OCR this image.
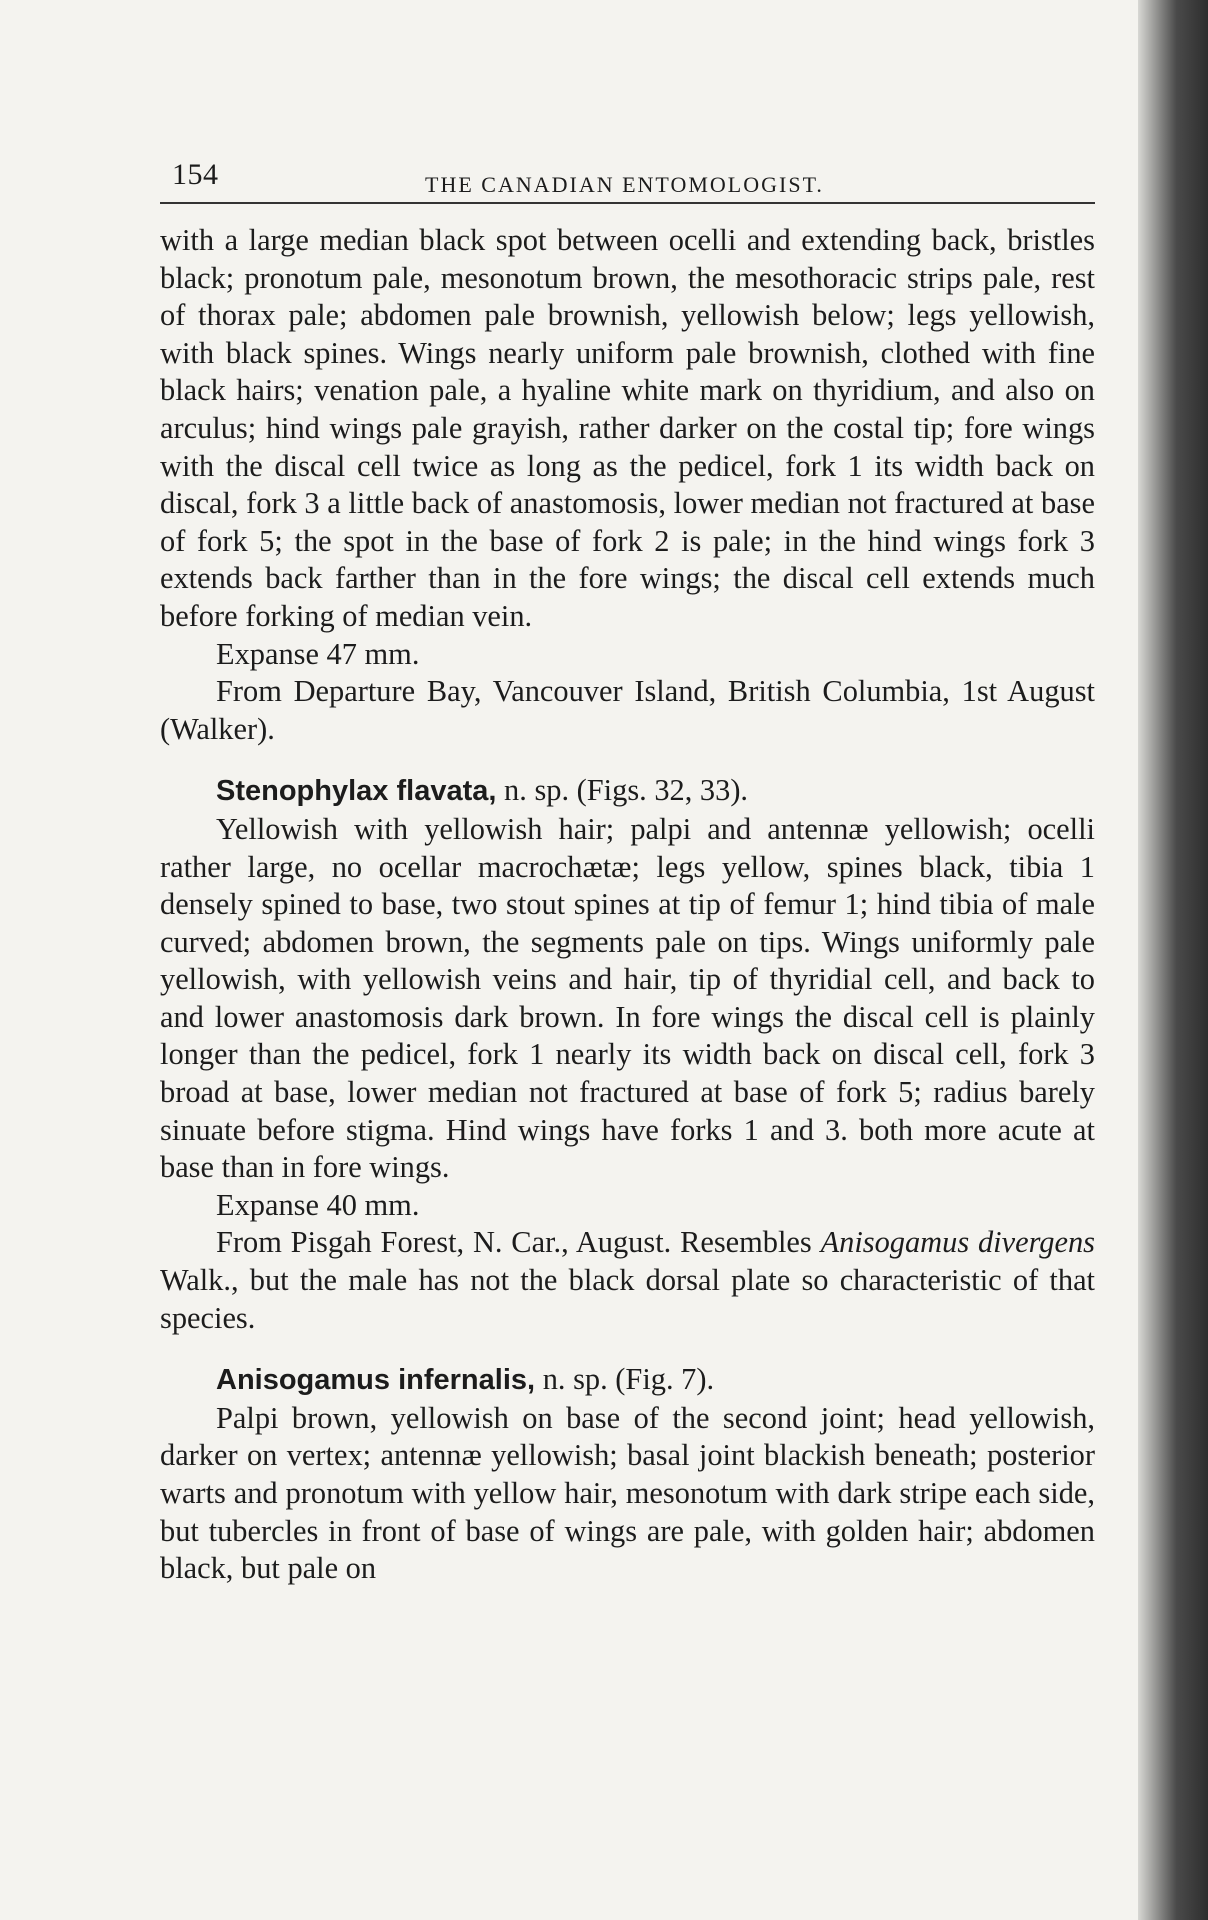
154	THE CANADIAN ENTOMOLOGIST.

with a large median black spot between ocelli and extending back, bristles black; pronotum pale, mesonotum brown, the mesothoracic strips pale, rest of thorax pale; abdomen pale brownish, yellowish below; legs yellowish, with black spines. Wings nearly uniform pale brownish, clothed with fine black hairs; venation pale, a hyaline white mark on thyridium, and also on arculus; hind wings pale grayish, rather darker on the costal tip; fore wings with the discal cell twice as long as the pedicel, fork 1 its width back on discal, fork 3 a little back of anastomosis, lower median not fractured at base of fork 5; the spot in the base of fork 2 is pale; in the hind wings fork 3 extends back farther than in the fore wings; the discal cell extends much before forking of median vein.

Expanse 47 mm.

From Departure Bay, Vancouver Island, British Columbia, 1st August (Walker).

Stenophylax flavata, n. sp. (Figs. 32, 33).

Yellowish with yellowish hair; palpi and antennæ yellowish; ocelli rather large, no ocellar macrochætæ; legs yellow, spines black, tibia 1 densely spined to base, two stout spines at tip of femur 1; hind tibia of male curved; abdomen brown, the segments pale on tips. Wings uniformly pale yellowish, with yellowish veins and hair, tip of thyridial cell, and back to and lower anastomosis dark brown. In fore wings the discal cell is plainly longer than the pedicel, fork 1 nearly its width back on discal cell, fork 3 broad at base, lower median not fractured at base of fork 5; radius barely sinuate before stigma. Hind wings have forks 1 and 3. both more acute at base than in fore wings.

Expanse 40 mm.

From Pisgah Forest, N. Car., August. Resembles Anisogamus divergens Walk., but the male has not the black dorsal plate so characteristic of that species.

Anisogamus infernalis, n. sp. (Fig. 7).

Palpi brown, yellowish on base of the second joint; head yellowish, darker on vertex; antennæ yellowish; basal joint blackish beneath; posterior warts and pronotum with yellow hair, mesonotum with dark stripe each side, but tubercles in front of base of wings are pale, with golden hair; abdomen black, but pale on
